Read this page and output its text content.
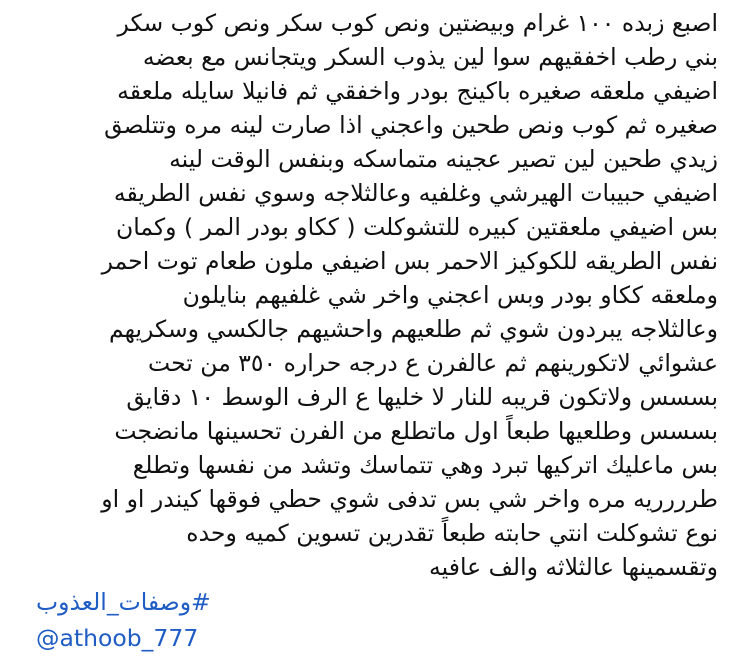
اصبع زبده ١٠٠ غرام وبيضتين ونص كوب سكر ونص كوب سكر
بني رطب اخفقيهم سوا لين يذوب السكر ويتجانس مع بعضه
اضيفي ملعقه صغيره باكينج بودر واخفقي ثم فانيلا سايله ملعقه
صغيره ثم كوب ونص طحين واعجني اذا صارت لينه مره وتتلصق
زيدي طحين لين تصير عجينه متماسكه وبنفس الوقت لينه
اضيفي حبيبات الهيرشي وغلفيه وعالثلاجه وسوي نفس الطريقه
بس اضيفي ملعقتين كبيره للتشوكلت ( ككاو بودر المر ) وكمان
نفس الطريقه للكوكيز الاحمر بس اضيفي ملون طعام توت احمر
وملعقه ككاو بودر وبس اعجني واخر شي غلفيهم بنايلون
وعالثلاجه يبردون شوي ثم طلعيهم واحشيهم جالكسي وسكريهم
عشوائي لاتكورينهم ثم عالفرن ع درجه حراره ٣٥٠ من تحت
بسسس ولاتكون قريبه للنار لا خليها ع الرف الوسط ١٠ دقايق
بسسس وطلعيها طبعاً اول ماتطلع من الفرن تحسينها مانضجت
بس ماعليك اتركيها تبرد وهي تتماسك وتشد من نفسها وتطلع
طرررريه مره واخر شي بس تدفى شوي حطي فوقها كيندر او او
نوع تشوكلت انتي حابته طبعاً تقدرين تسوين كميه وحده
وتقسمينها عالثلاثه والف عافيه
#وصفات_العذوب
@athoob_777
